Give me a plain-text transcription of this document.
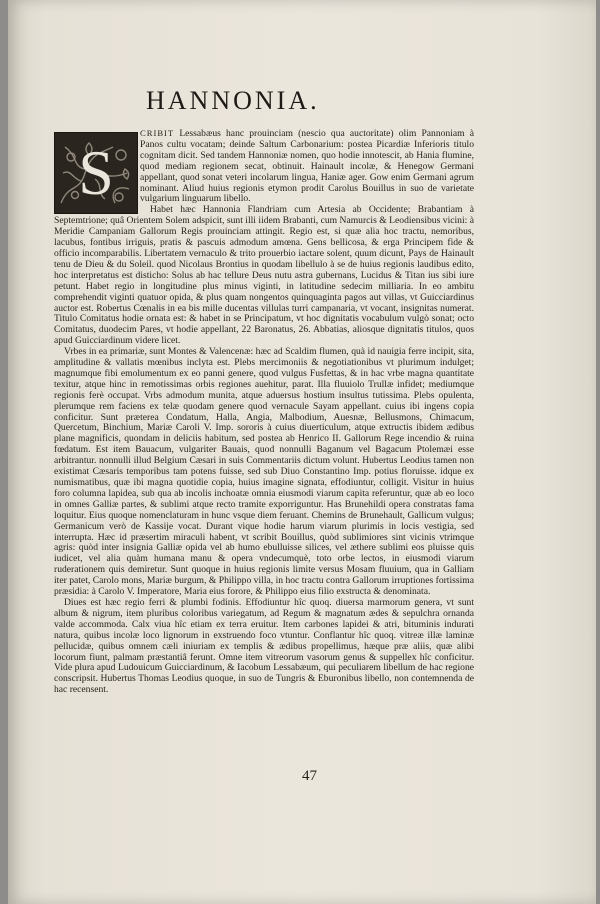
HANNONIA.
S

CRIBIT Lessabæus hanc prouinciam (nescio qua auctoritate) olim Pannoniam à Panos cultu vocatam; deinde Saltum Carbonarium: postea Picardiæ Inferioris titulo cognitam dicit. Sed tandem Hannoniæ nomen, quo hodie innotescit, ab Hania flumine, quod mediam regionem secat, obtinuit. Hainault incolæ, & Henegow Germani appellant, quod sonat veteri incolarum lingua, Haniæ ager. Gow enim Germani agrum nominant. Aliud huius regionis etymon prodit Carolus Bouillus in suo de varietate vulgarium linguarum libello.

Habet hæc Hannonia Flandriam cum Artesia ab Occidente; Brabantiam à Septemtrione; quâ Orientem Solem adspicit, sunt illi iidem Brabanti, cum Namurcis & Leodiensibus vicini: à Meridie Campaniam Gallorum Regis prouinciam attingit. Regio est, si quæ alia hoc tractu, nemoribus, lacubus, fontibus irriguis, pratis & pascuis admodum amœna. Gens bellicosa, & erga Principem fide & officio incomparabilis. Libertatem vernaculo & trito prouerbio iactare solent, quum dicunt, Pays de Hainault tenu de Dieu & du Soleil. quod Nicolaus Brontius in quodam libellulo à se de huius regionis laudibus edito, hoc interpretatus est disticho: Solus ab hac tellure Deus nutu astra gubernans, Lucidus & Titan ius sibi iure petunt. Habet regio in longitudine plus minus viginti, in latitudine sedecim milliaria. In eo ambitu comprehendit viginti quatuor opida, & plus quam nongentos quinquaginta pagos aut villas, vt Guicciardinus auctor est. Robertus Cœnalis in ea bis mille ducentas villulas turri campanaria, vt vocant, insignitas numerat. Titulo Comitatus hodie ornata est: & habet in se Principatum, vt hoc dignitatis vocabulum vulgò sonat; octo Comitatus, duodecim Pares, vt hodie appellant, 22 Baronatus, 26. Abbatias, aliosque dignitatis titulos, quos apud Guicciardinum videre licet.

Vrbes in ea primariæ, sunt Montes & Valencenæ: hæc ad Scaldim flumen, quà id nauigia ferre incipit, sita, amplitudine & vallatis mœnibus inclyta est. Plebs mercimoniis & negotiationibus vt plurimum indulget; magnumque fibi emolumentum ex eo panni genere, quod vulgus Fusfettas, & in hac vrbe magna quantitate texitur, atque hinc in remotissimas orbis regiones auehitur, parat. Illa fluuiolo Trullæ infidet; mediumque regionis ferè occupat. Vrbs admodum munita, atque aduersus hostium insultus tutissima. Plebs opulenta, plerumque rem faciens ex telæ quodam genere quod vernacule Sayam appellant. cuius ibi ingens copia conficitur. Sunt præterea Condatum, Halla, Angia, Malbodium, Auesnæ, Bellusmons, Chimacum, Quercetum, Binchium, Mariæ Caroli V. Imp. sororis à cuius diuerticulum, atque extructis ibidem ædibus plane magnificis, quondam in deliciis habitum, sed postea ab Henrico II. Gallorum Rege incendio & ruina fœdatum. Est item Bauacum, vulgariter Bauais, quod nonnulli Baganum vel Bagacum Ptolemæi esse arbitrantur. nonnulli illud Belgium Cæsari in suis Commentariis dictum volunt. Hubertus Leodius tamen non existimat Cæsaris temporibus tam potens fuisse, sed sub Diuo Constantino Imp. potius floruisse. idque ex numismatibus, quæ ibi magna quotidie copia, huius imagine signata, effodiuntur, colligit. Visitur in huius foro columna lapidea, sub qua ab incolis inchoatæ omnia eiusmodi viarum capita referuntur, quæ ab eo loco in omnes Galliæ partes, & sublimi atque recto tramite exporriguntur. Has Brunehildi opera constratas fama loquitur. Eius quoque nomenclaturam in hunc vsque diem feruant. Chemins de Brunehault, Gallicum vulgus; Germanicum verò de Kassije vocat. Durant vique hodie harum viarum plurimis in locis vestigia, sed interrupta. Hæc id præsertim miraculi habent, vt scribit Bouillus, quòd sublimiores sint vicinis vtrimque agris: quòd inter insignia Galliæ opida vel ab humo ebulluisse silices, vel æthere sublimi eos pluisse quis iudicet, vel alia quàm humana manu & opera vndecumquè, toto orbe lectos, in eiusmodi viarum ruderationem quis demiretur. Sunt quoque in huius regionis limite versus Mosam fluuium, qua in Galliam iter patet, Carolo mons, Mariæ burgum, & Philippo villa, in hoc tractu contra Gallorum irruptiones fortissima præsidia: à Carolo V. Imperatore, Maria eius forore, & Philippo eius filio exstructa & denominata.

Diues est hæc regio ferri & plumbi fodinis. Effodiuntur hîc quoq. diuersa marmorum genera, vt sunt album & nigrum, item pluribus coloribus variegatum, ad Regum & magnatum ædes & sepulchra ornanda valde accommoda. Calx viua hîc etiam ex terra eruitur. Item carbones lapidei & atri, bituminis indurati natura, quibus incolæ loco lignorum in exstruendo foco vtuntur. Conflantur hîc quoq. vitreæ illæ laminæ pellucidæ, quibus omnem cæli iniuriam ex templis & ædibus propellimus, hæque præ aliis, quæ alibi locorum fiunt, palmam præstantiâ ferunt. Omne item vitreorum vasorum genus & suppellex hîc conficitur. Vide plura apud Ludouicum Guicciardinum, & Iacobum Lessabæum, qui peculiarem libellum de hac regione conscripsit. Hubertus Thomas Leodius quoque, in suo de Tungris & Eburonibus libello, non contemnenda de hac recensent.

47
